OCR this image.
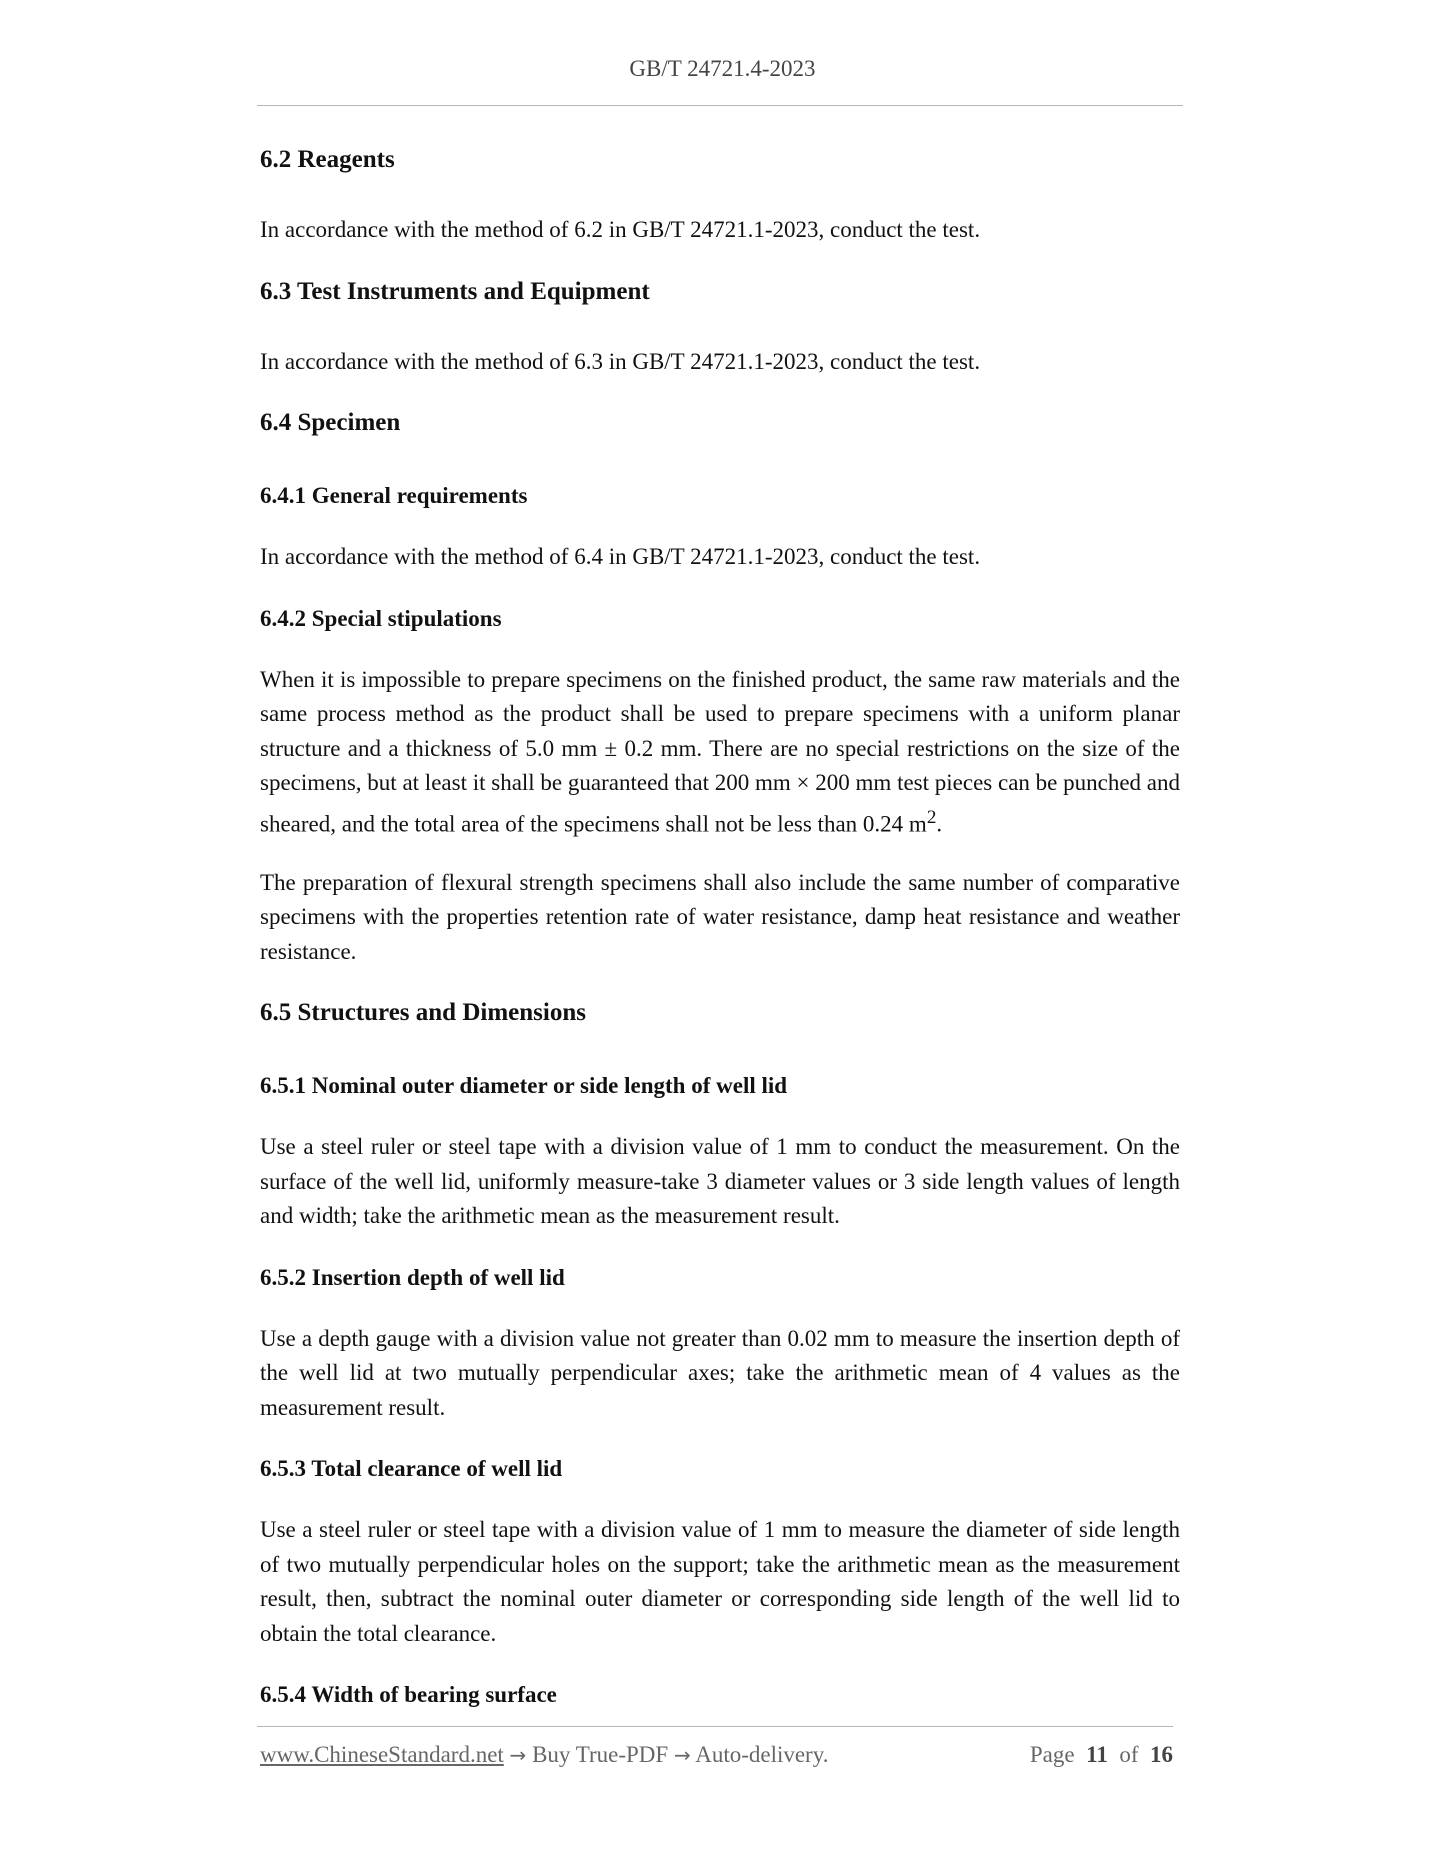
GB/T 24721.4-2023
6.2 Reagents

In accordance with the method of 6.2 in GB/T 24721.1-2023, conduct the test.

6.3 Test Instruments and Equipment

In accordance with the method of 6.3 in GB/T 24721.1-2023, conduct the test.

6.4 Specimen
6.4.1 General requirements

In accordance with the method of 6.4 in GB/T 24721.1-2023, conduct the test.

6.4.2 Special stipulations

When it is impossible to prepare specimens on the finished product, the same raw materials and the same process method as the product shall be used to prepare specimens with a uniform planar structure and a thickness of 5.0 mm ± 0.2 mm. There are no special restrictions on the size of the specimens, but at least it shall be guaranteed that 200 mm × 200 mm test pieces can be punched and sheared, and the total area of the specimens shall not be less than 0.24 $m^2$.

The preparation of flexural strength specimens shall also include the same number of comparative specimens with the properties retention rate of water resistance, damp heat resistance and weather resistance.

6.5 Structures and Dimensions
6.5.1 Nominal outer diameter or side length of well lid

Use a steel ruler or steel tape with a division value of 1 mm to conduct the measurement. On the surface of the well lid, uniformly measure-take 3 diameter values or 3 side length values of length and width; take the arithmetic mean as the measurement result.

6.5.2 Insertion depth of well lid

Use a depth gauge with a division value not greater than 0.02 mm to measure the insertion depth of the well lid at two mutually perpendicular axes; take the arithmetic mean of 4 values as the measurement result.

6.5.3 Total clearance of well lid

Use a steel ruler or steel tape with a division value of 1 mm to measure the diameter of side length of two mutually perpendicular holes on the support; take the arithmetic mean as the measurement result, then, subtract the nominal outer diameter or corresponding side length of the well lid to obtain the total clearance.

6.5.4 Width of bearing surface
www.ChineseStandard.net → Buy True-PDF → Auto-delivery.	Page 11 of 16
